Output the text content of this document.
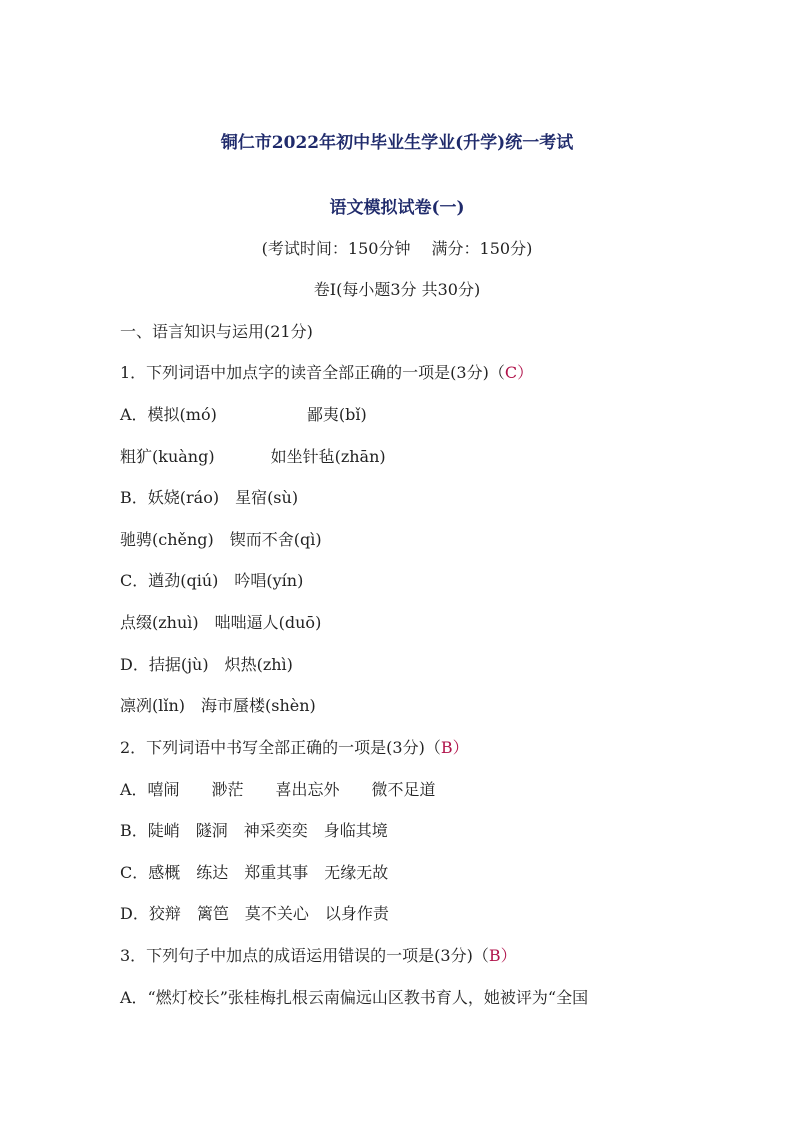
铜仁市2022年初中毕业生学业(升学)统一考试
语文模拟试卷(一)
(考试时间：150分钟　 满分：150分)
卷Ⅰ(每小题3分 共30分)
一、语言知识与运用(21分)
1．下列词语中加点字的读音全部正确的一项是(3分)（C）
A．模拟(mó)	鄙夷(bǐ)
粗犷(kuàng)	如坐针毡(zhān)
B．妖娆(ráo)　星宿(sù)
驰骋(chěng)　锲而不舍(qì)
C．遒劲(qiú)　吟唱(yín)
点缀(zhuì)　咄咄逼人(duō)
D．拮据(jù)　炽热(zhì)
凛冽(lǐn)　海市蜃楼(shèn)
2．下列词语中书写全部正确的一项是(3分)（B）
A．嘻闹　　渺茫　　喜出忘外　　微不足道
B．陡峭　隧洞　神采奕奕　身临其境
C．感概　练达　郑重其事　无缘无故
D．狡辩　篱笆　莫不关心　以身作责
3．下列句子中加点的成语运用错误的一项是(3分)（B）
A．“燃灯校长”张桂梅扎根云南偏远山区教书育人，她被评为“全国
